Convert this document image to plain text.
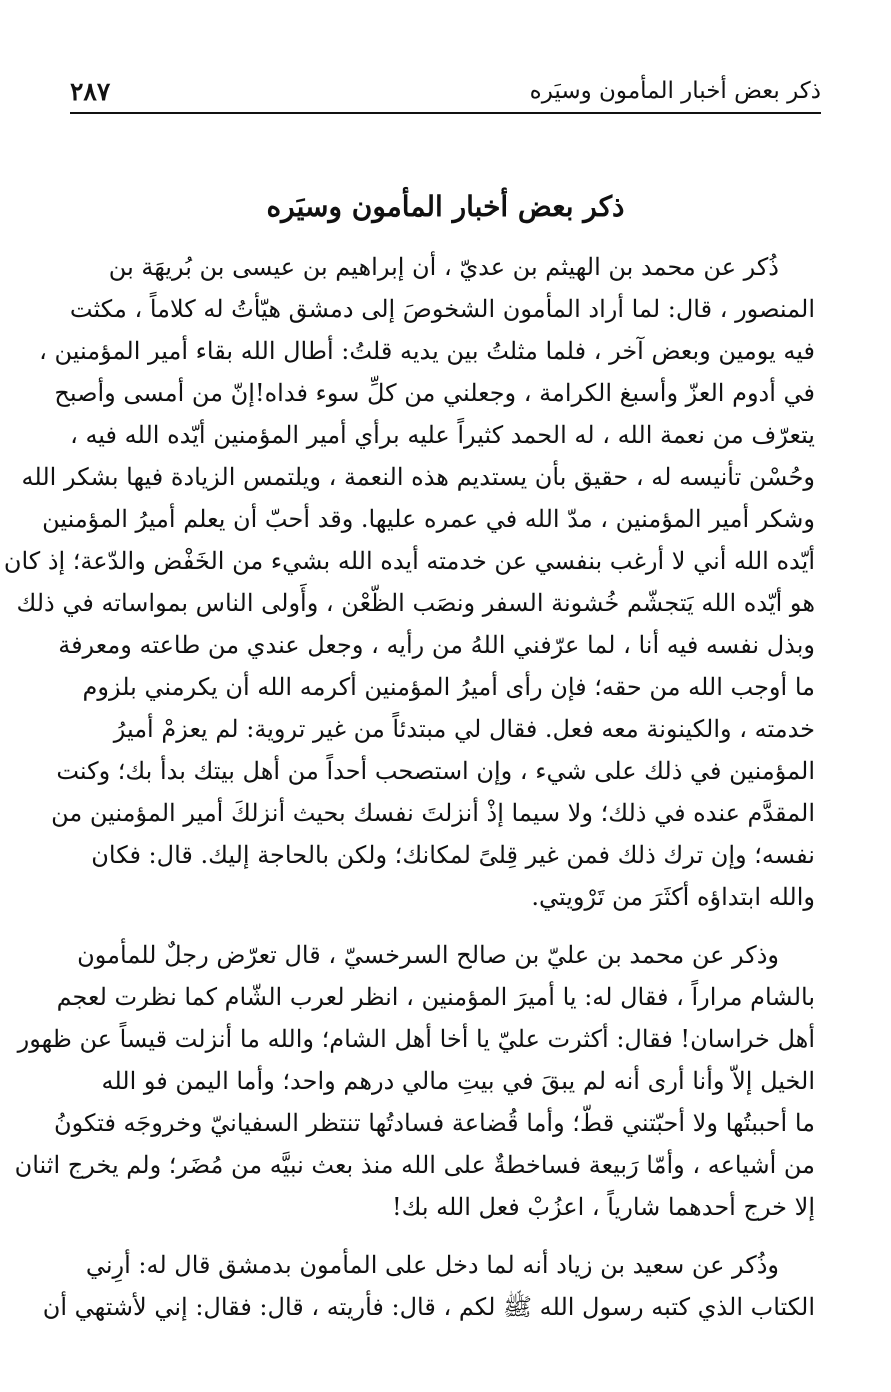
ذكر بعض أخبار المأمون وسيَره
٢٨٧
ذكر بعض أخبار المأمون وسيَره

ذُكر عن محمد بن الهيثم بن عديّ ، أن إبراهيم بن عيسى بن بُريهَة بن
المنصور ، قال: لما أراد المأمون الشخوصَ إلى دمشق هيّأتُ له كلاماً ، مكثت
فيه يومين وبعض آخر ، فلما مثلتُ بين يديه قلتُ: أطال الله بقاء أمير المؤمنين ،
في أدوم العزّ وأسبغ الكرامة ، وجعلني من كلِّ سوء فداه!إنّ من أمسى وأصبح
يتعرّف من نعمة الله ، له الحمد كثيراً عليه برأي أمير المؤمنين أيّده الله فيه ،
وحُسْن تأنيسه له ، حقيق بأن يستديم هذه النعمة ، ويلتمس الزيادة فيها بشكر الله
وشكر أمير المؤمنين ، مدّ الله في عمره عليها. وقد أحبّ أن يعلم أميرُ المؤمنين
أيّده الله أني لا أرغب بنفسي عن خدمته أيده الله بشيء من الخَفْض والدّعة؛ إذ كان
هو أيّده الله يَتجشّم خُشونة السفر ونصَب الظّعْن ، وأَولى الناس بمواساته في ذلك
وبذل نفسه فيه أنا ، لما عرّفني اللهُ من رأيه ، وجعل عندي من طاعته ومعرفة
ما أوجب الله من حقه؛ فإن رأى أميرُ المؤمنين أكرمه الله أن يكرمني بلزوم
خدمته ، والكينونة معه فعل. فقال لي مبتدئاً من غير تروية: لم يعزمْ أميرُ
المؤمنين في ذلك على شيء ، وإن استصحب أحداً من أهل بيتك بدأ بك؛ وكنت
المقدَّم عنده في ذلك؛ ولا سيما إذْ أنزلتَ نفسك بحيث أنزلكَ أمير المؤمنين من
نفسه؛ وإن ترك ذلك فمن غير قِلىً لمكانك؛ ولكن بالحاجة إليك. قال: فكان
والله ابتداؤه أكثَرَ من تَرْويتي.

وذكر عن محمد بن عليّ بن صالح السرخسيّ ، قال تعرّض رجلٌ للمأمون
بالشام مراراً ، فقال له: يا أميرَ المؤمنين ، انظر لعرب الشّام كما نظرت لعجم
أهل خراسان! فقال: أكثرت عليّ يا أخا أهل الشام؛ والله ما أنزلت قيساً عن ظهور
الخيل إلاّ وأنا أرى أنه لم يبقَ في بيتِ مالي درهم واحد؛ وأما اليمن فو الله
ما أحببتُها ولا أحبّتني قطّ؛ وأما قُضاعة فسادتُها تنتظر السفيانيّ وخروجَه فتكونُ
من أشياعه ، وأمّا رَبيعة فساخطةٌ على الله منذ بعث نبيَّه من مُضَر؛ ولم يخرج اثنان
إلا خرج أحدهما شارياً ، اعزُبْ فعل الله بك!

وذُكر عن سعيد بن زياد أنه لما دخل على المأمون بدمشق قال له: أرِني
الكتاب الذي كتبه رسول الله ﷺ لكم ، قال: فأريته ، قال: فقال: إني لأشتهي أن
